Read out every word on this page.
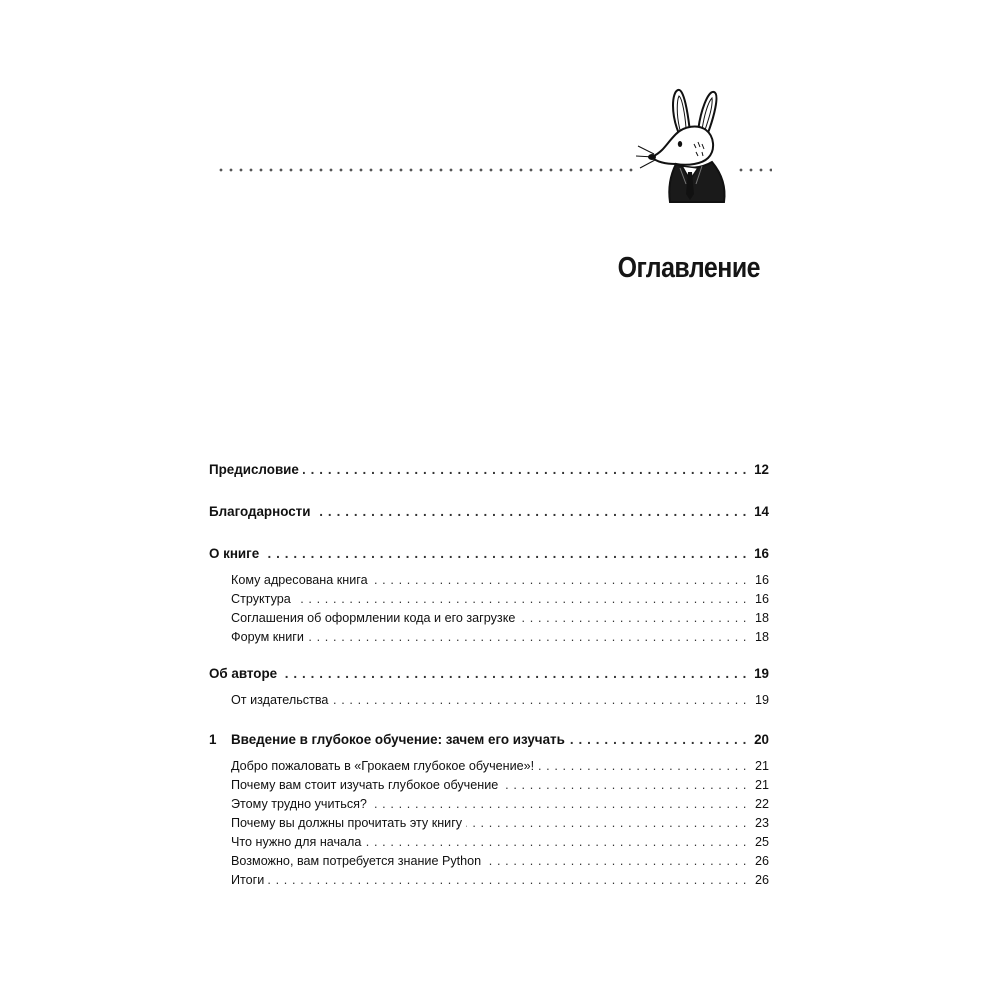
Оглавление
Предисловие . . .	12
Благодарности . . .	14
О книге . . .	16
Кому адресована книга . . .	16
Структура . . .	16
Соглашения об оформлении кода и его загрузке . . .	18
Форум книги . . .	18
Об авторе . . .	19
От издательства . . .	19
1	Введение в глубокое обучение: зачем его изучать . . .	20
Добро пожаловать в «Грокаем глубокое обучение»! . . .	21
Почему вам стоит изучать глубокое обучение . . .	21
Этому трудно учиться? . . .	22
Почему вы должны прочитать эту книгу . . .	23
Что нужно для начала . . .	25
Возможно, вам потребуется знание Python . . .	26
Итоги . . .	26
